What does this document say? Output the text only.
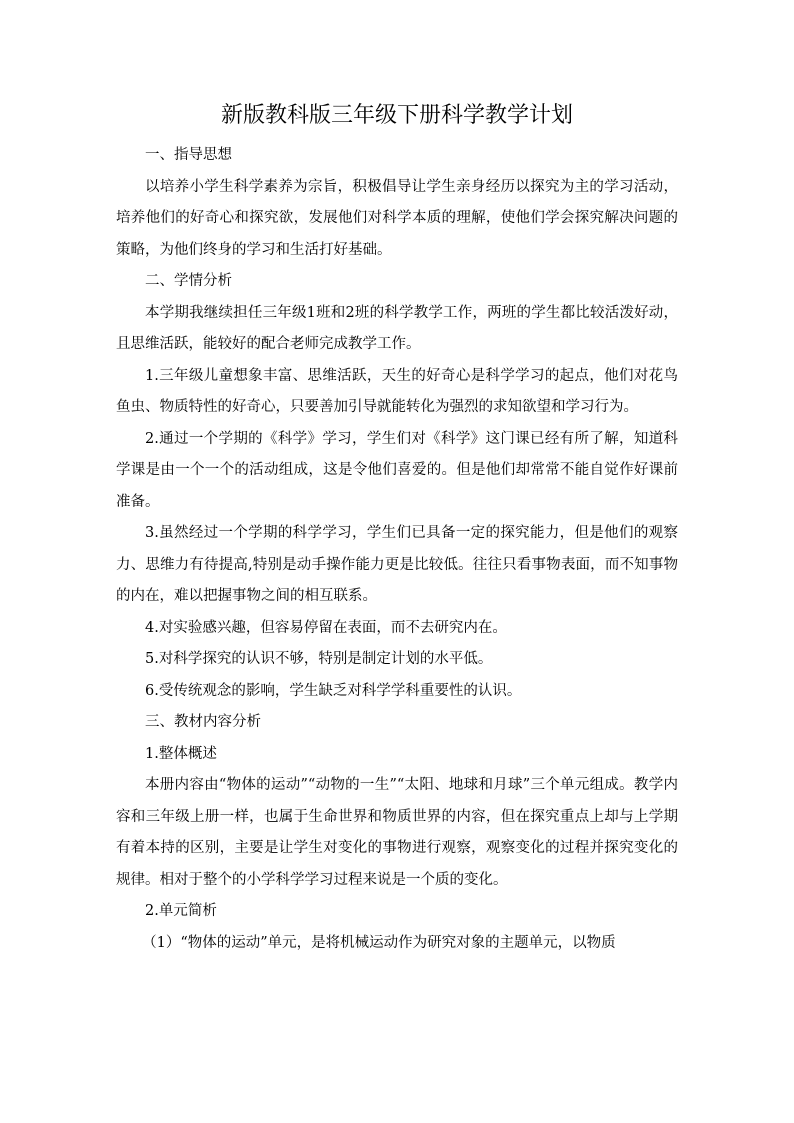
新版教科版三年级下册科学教学计划

一、指导思想

以培养小学生科学素养为宗旨，积极倡导让学生亲身经历以探究为主的学习活动，培养他们的好奇心和探究欲，发展他们对科学本质的理解，使他们学会探究解决问题的策略，为他们终身的学习和生活打好基础。

二、学情分析

本学期我继续担任三年级1班和2班的科学教学工作，两班的学生都比较活泼好动，且思维活跃，能较好的配合老师完成教学工作。

1.三年级儿童想象丰富、思维活跃，天生的好奇心是科学学习的起点，他们对花鸟鱼虫、物质特性的好奇心，只要善加引导就能转化为强烈的求知欲望和学习行为。

2.通过一个学期的《科学》学习，学生们对《科学》这门课已经有所了解，知道科学课是由一个一个的活动组成，这是令他们喜爱的。但是他们却常常不能自觉作好课前准备。

3.虽然经过一个学期的科学学习，学生们已具备一定的探究能力，但是他们的观察力、思维力有待提高,特别是动手操作能力更是比较低。往往只看事物表面，而不知事物的内在，难以把握事物之间的相互联系。

4.对实验感兴趣，但容易停留在表面，而不去研究内在。

5.对科学探究的认识不够，特别是制定计划的水平低。

6.受传统观念的影响，学生缺乏对科学学科重要性的认识。

三、教材内容分析

1.整体概述

本册内容由“物体的运动”“动物的一生”“太阳、地球和月球”三个单元组成。教学内容和三年级上册一样，也属于生命世界和物质世界的内容，但在探究重点上却与上学期有着本持的区别，主要是让学生对变化的事物进行观察，观察变化的过程并探究变化的规律。相对于整个的小学科学学习过程来说是一个质的变化。

2.单元简析

（1）“物体的运动”单元，是将机械运动作为研究对象的主题单元，以物质
